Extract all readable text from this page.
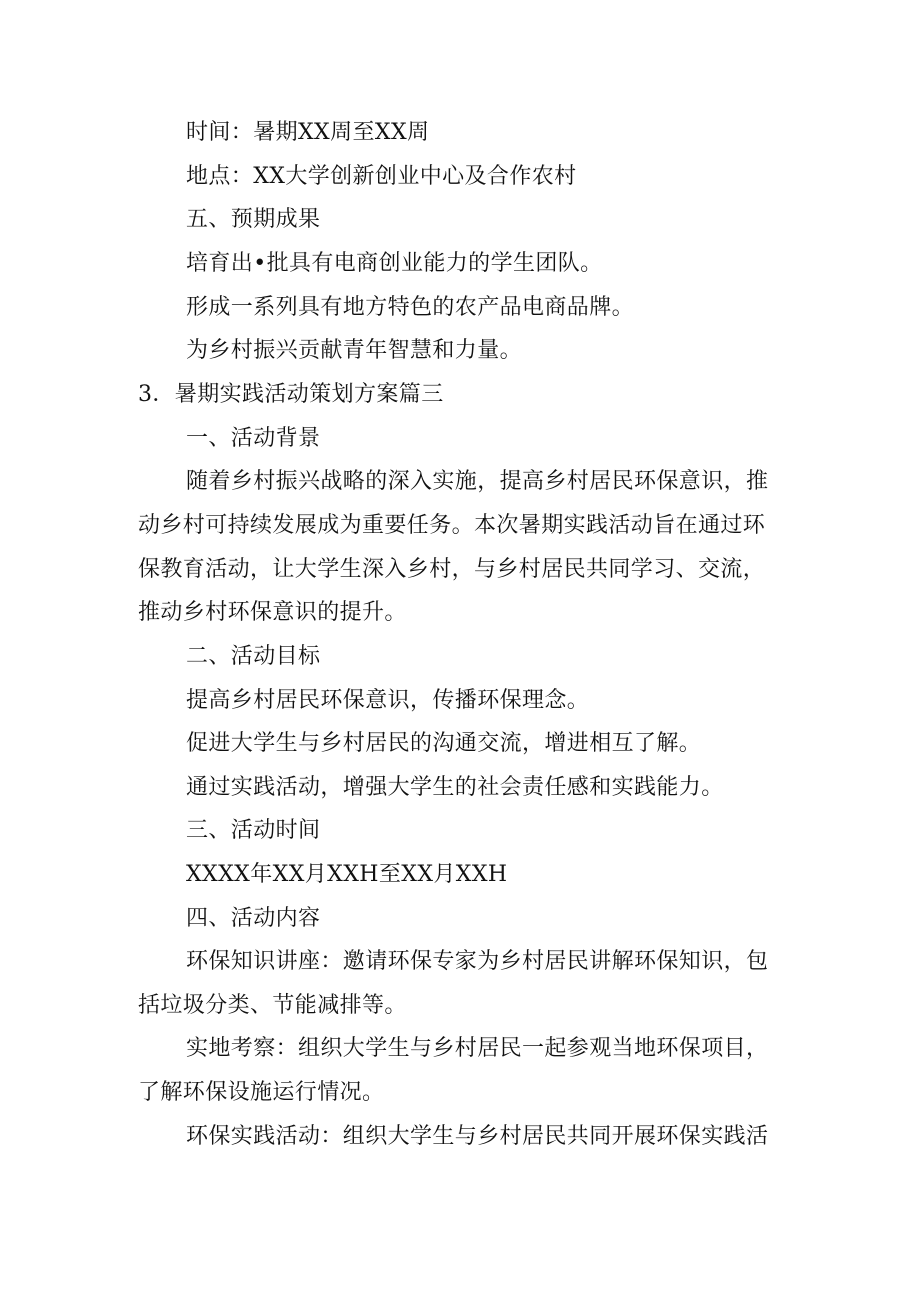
时间：暑期XX周至XX周
地点：XX大学创新创业中心及合作农村
五、预期成果
培育出•批具有电商创业能力的学生团队。
形成一系列具有地方特色的农产品电商品牌。
为乡村振兴贡献青年智慧和力量。
3．暑期实践活动策划方案篇三
一、活动背景
随着乡村振兴战略的深入实施，提高乡村居民环保意识，推
动乡村可持续发展成为重要任务。本次暑期实践活动旨在通过环
保教育活动，让大学生深入乡村，与乡村居民共同学习、交流，
推动乡村环保意识的提升。
二、活动目标
提高乡村居民环保意识，传播环保理念。
促进大学生与乡村居民的沟通交流，增进相互了解。
通过实践活动，增强大学生的社会责任感和实践能力。
三、活动时间
XXXX年XX月XXH至XX月XXH
四、活动内容
环保知识讲座：邀请环保专家为乡村居民讲解环保知识，包
括垃圾分类、节能减排等。
实地考察：组织大学生与乡村居民一起参观当地环保项目，
了解环保设施运行情况。
环保实践活动：组织大学生与乡村居民共同开展环保实践活
